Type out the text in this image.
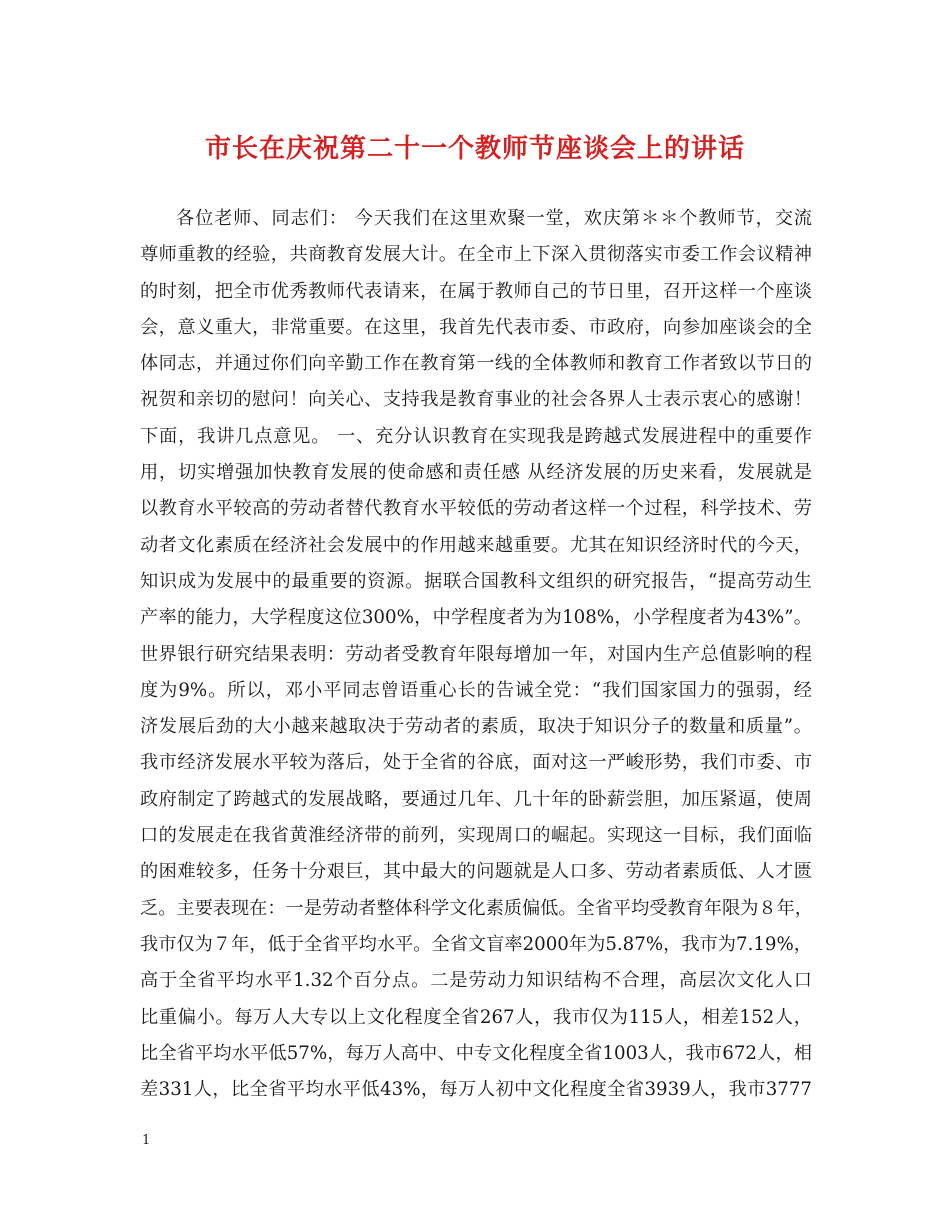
市长在庆祝第二十一个教师节座谈会上的讲话
各位老师、同志们： 今天我们在这里欢聚一堂，欢庆第＊＊个教师节，交流
尊师重教的经验，共商教育发展大计。在全市上下深入贯彻落实市委工作会议精神
的时刻，把全市优秀教师代表请来，在属于教师自己的节日里，召开这样一个座谈
会，意义重大，非常重要。在这里，我首先代表市委、市政府，向参加座谈会的全
体同志，并通过你们向辛勤工作在教育第一线的全体教师和教育工作者致以节日的
祝贺和亲切的慰问！向关心、支持我是教育事业的社会各界人士表示衷心的感谢！
下面，我讲几点意见。 一、充分认识教育在实现我是跨越式发展进程中的重要作
用，切实增强加快教育发展的使命感和责任感 从经济发展的历史来看，发展就是
以教育水平较高的劳动者替代教育水平较低的劳动者这样一个过程，科学技术、劳
动者文化素质在经济社会发展中的作用越来越重要。尤其在知识经济时代的今天，
知识成为发展中的最重要的资源。据联合国教科文组织的研究报告，“提高劳动生
产率的能力，大学程度这位300%，中学程度者为为108%，小学程度者为43%”。
世界银行研究结果表明：劳动者受教育年限每增加一年，对国内生产总值影响的程
度为9%。所以，邓小平同志曾语重心长的告诫全党：“我们国家国力的强弱，经
济发展后劲的大小越来越取决于劳动者的素质，取决于知识分子的数量和质量”。
我市经济发展水平较为落后，处于全省的谷底，面对这一严峻形势，我们市委、市
政府制定了跨越式的发展战略，要通过几年、几十年的卧薪尝胆，加压紧逼，使周
口的发展走在我省黄淮经济带的前列，实现周口的崛起。实现这一目标，我们面临
的困难较多，任务十分艰巨，其中最大的问题就是人口多、劳动者素质低、人才匮
乏。主要表现在：一是劳动者整体科学文化素质偏低。全省平均受教育年限为８年，
我市仅为７年，低于全省平均水平。全省文盲率2000年为5.87%，我市为7.19%，
高于全省平均水平1.32个百分点。二是劳动力知识结构不合理，高层次文化人口
比重偏小。每万人大专以上文化程度全省267人，我市仅为115人，相差152人，
比全省平均水平低57%，每万人高中、中专文化程度全省1003人，我市672人，相
差331人，比全省平均水平低43%，每万人初中文化程度全省3939人，我市3777
1
